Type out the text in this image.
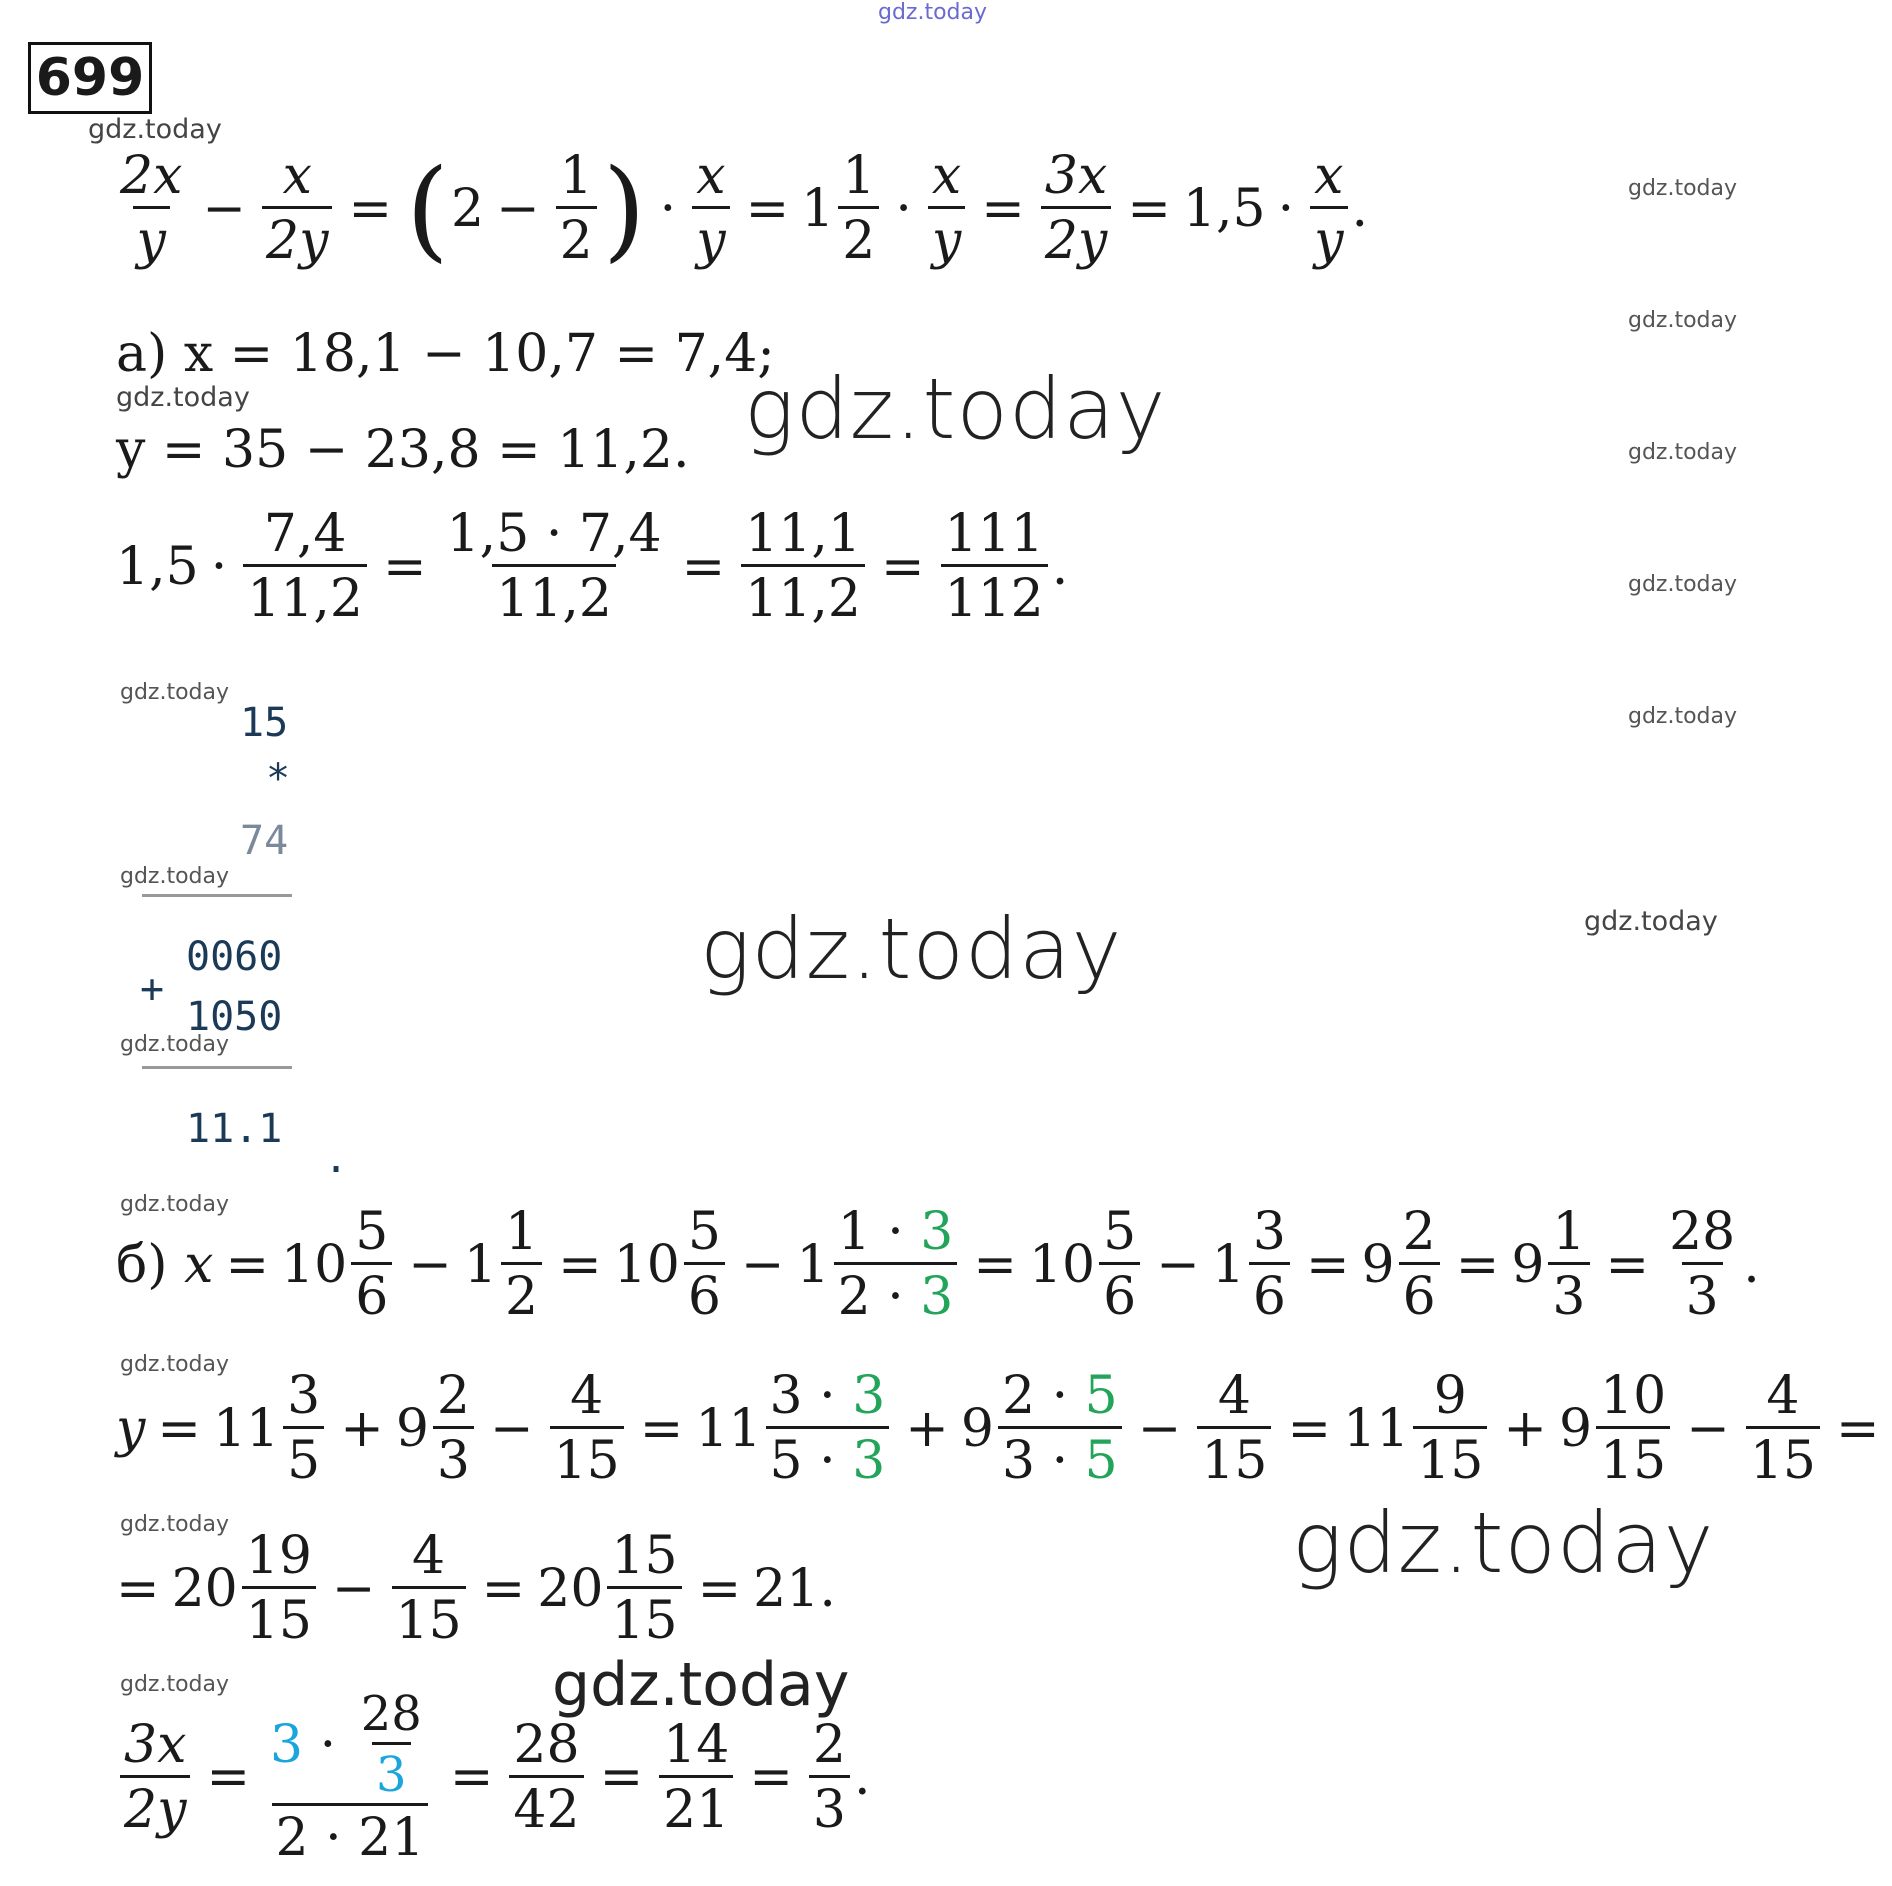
gdz.today
699
gdz.today
gdz.today
gdz.today
gdz.today
gdz.today
gdz.today
gdz.today
gdz.today
gdz.today
gdz.today
gdz.today
gdz.today
gdz.today
gdz.today
gdz.today
gdz.today
gdz.today
gdz.today
gdz.today
$\frac{2x}{y} - \frac{x}{2y}$ = ( $2 - \frac{1}{2}$ ) · $\frac{x}{y} = 1 \frac{1}{2} \cdot \frac{x}{y} = \frac{3x}{2y} = 1,5 \cdot \frac{x}{y}$ .
а) x = 18,1 − 10,7 = 7,4;
y = 35 − 23,8 = 11,2.
$1,5 \cdot \frac{7,4}{11,2} = \frac{1,5 \cdot 7,4}{11,2} = \frac{11,1}{11,2} = \frac{111}{112}$ .
15
*
74
0060
+
1050
11.1
.
б)
$x = 10 \frac{5}{6} - 1 \frac{1}{2} = 10 \frac{5}{6} - 1 \frac{1 \cdot 3}{2 \cdot 3} = 10 \frac{5}{6} - 1 \frac{3}{6} = 9 \frac{2}{6} = 9 \frac{1}{3} = \frac{28}{3}$ .
$y = 11 \frac{3}{5} + 9 \frac{2}{3} - \frac{4}{15} = 11 \frac{3 \cdot 3}{5 \cdot 3} + 9 \frac{2 \cdot 5}{3 \cdot 5} - \frac{4}{15} = 11 \frac{9}{15} + 9 \frac{10}{15} - \frac{4}{15}$ =
= $20 \frac{19}{15} - \frac{4}{15} = 20 \frac{15}{15} = 21$ .
$\frac{3x}{2y} = 3$
·
$\frac{28}{3}$
$2 \cdot 21 = \frac{28}{42} = \frac{14}{21} = \frac{2}{3}$ .
